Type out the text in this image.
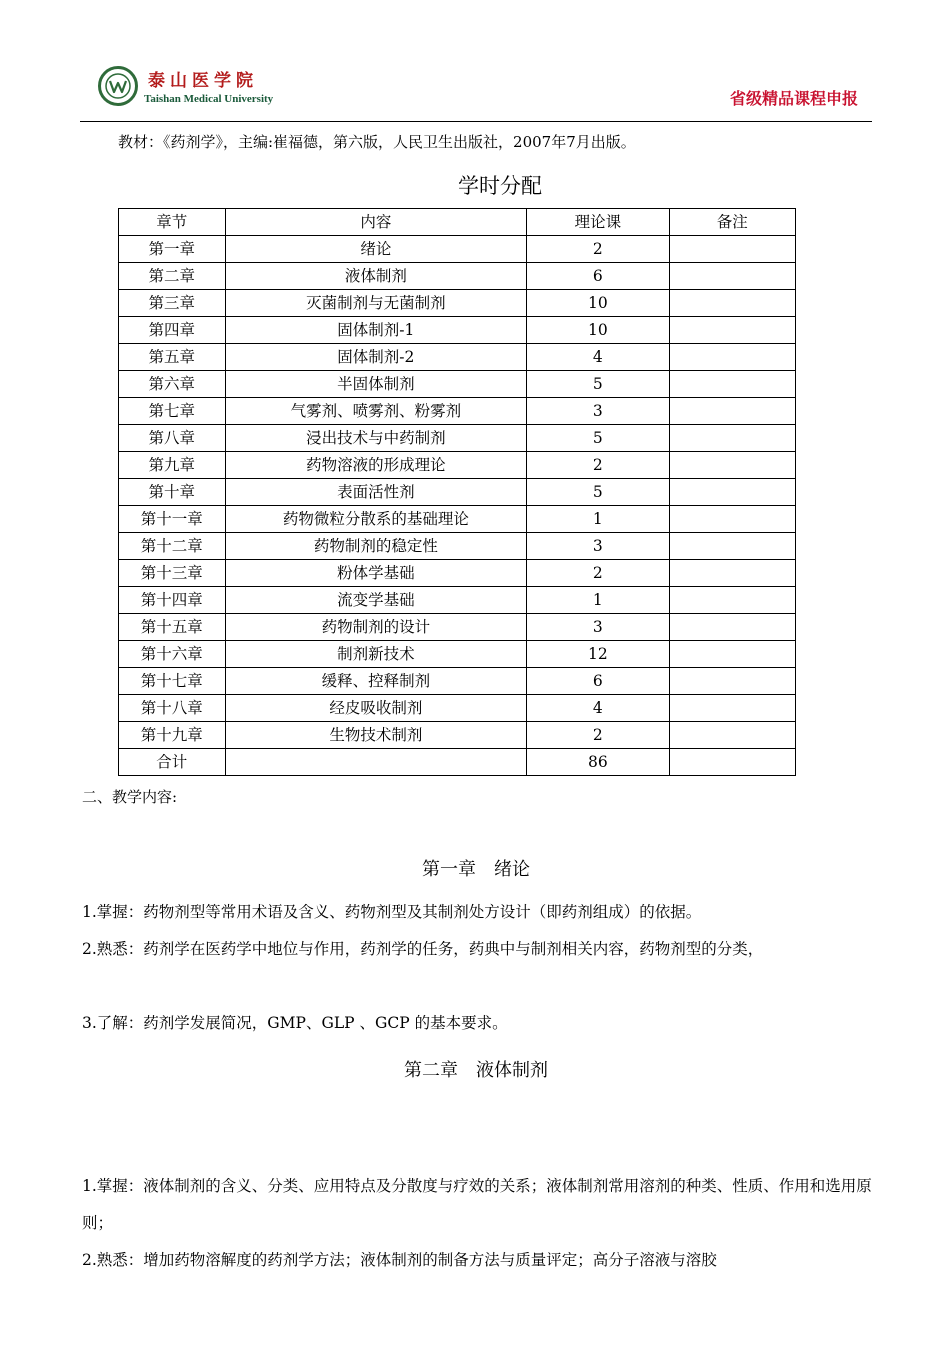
泰山医学院
Taishan Medical University	省级精品课程申报
教材：《药剂学》，主编:崔福德，第六版，人民卫生出版社，2007年7月出版。
学时分配
章节	内容	理论课	备注
第一章	绪论	2	
第二章	液体制剂	6	
第三章	灭菌制剂与无菌制剂	10	
第四章	固体制剂-1	10	
第五章	固体制剂-2	4	
第六章	半固体制剂	5	
第七章	气雾剂、喷雾剂、粉雾剂	3	
第八章	浸出技术与中药制剂	5	
第九章	药物溶液的形成理论	2	
第十章	表面活性剂	5	
第十一章	药物微粒分散系的基础理论	1	
第十二章	药物制剂的稳定性	3	
第十三章	粉体学基础	2	
第十四章	流变学基础	1	
第十五章	药物制剂的设计	3	
第十六章	制剂新技术	12	
第十七章	缓释、控释制剂	6	
第十八章	经皮吸收制剂	4	
第十九章	生物技术制剂	2	
合计		86	
二、教学内容:
第一章　绪论
1.掌握：药物剂型等常用术语及含义、药物剂型及其制剂处方设计（即药剂组成）的依据。
2.熟悉：药剂学在医药学中地位与作用，药剂学的任务，药典中与制剂相关内容，药物剂型的分类，
3.了解：药剂学发展简况，GMP、GLP 、GCP 的基本要求。
第二章　液体制剂
1.掌握：液体制剂的含义、分类、应用特点及分散度与疗效的关系；液体制剂常用溶剂的种类、性质、作用和选用原则；
2.熟悉：增加药物溶解度的药剂学方法；液体制剂的制备方法与质量评定；高分子溶液与溶胶
